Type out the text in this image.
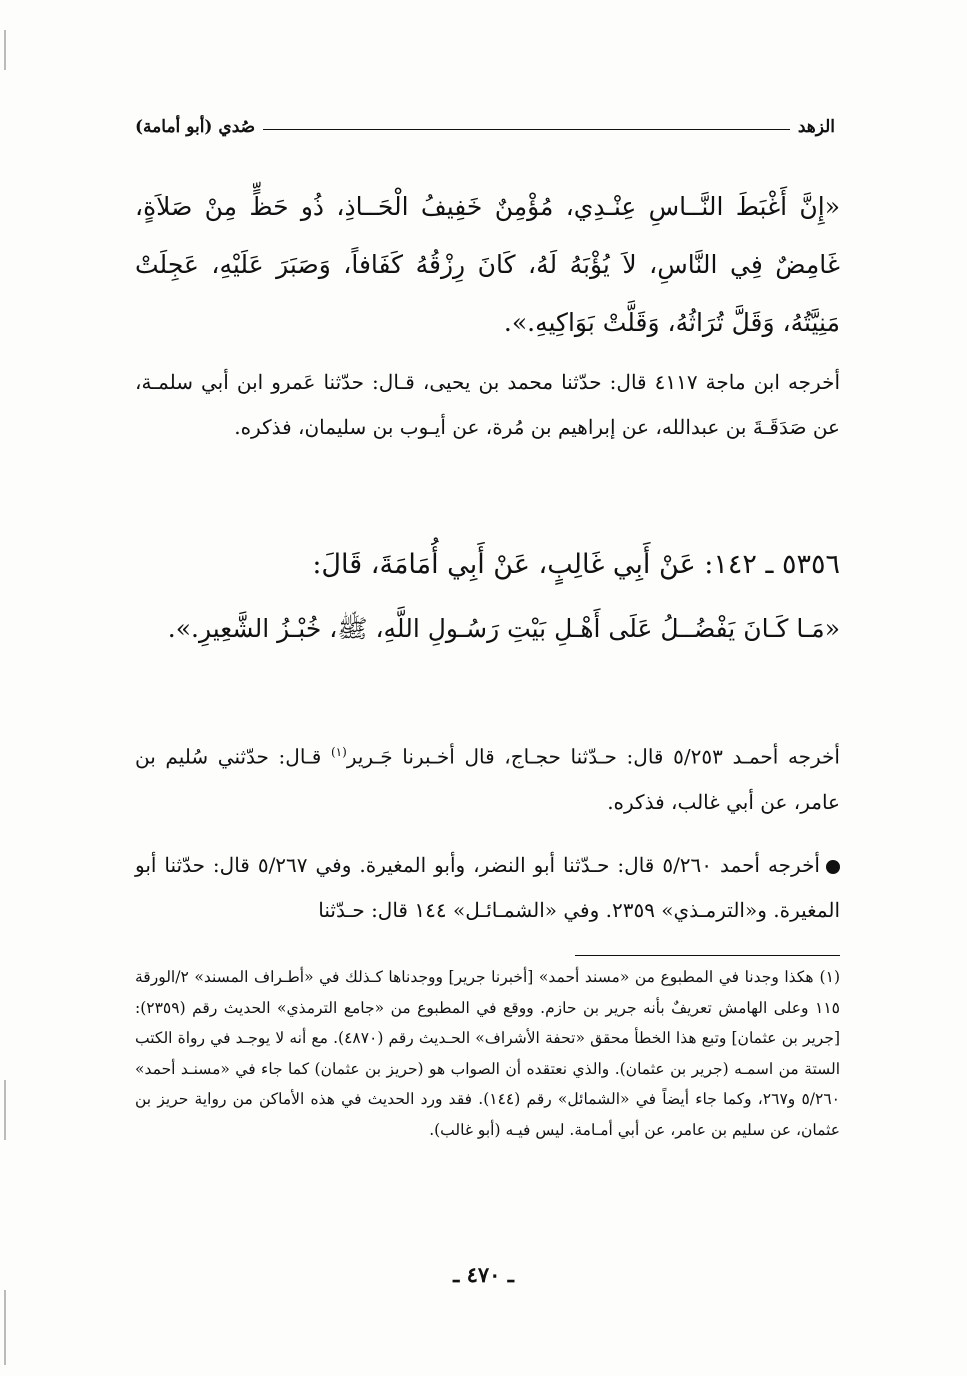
الزهد
صُدي (أبو أمامة)
«إِنَّ أَغْبَطَ النَّــاسِ عِنْـدِي، مُؤْمِنٌ خَفِيفُ الْحَــاذِ، ذُو حَظٍّ مِنْ صَلاَةٍ، غَامِضٌ فِي النَّاسِ، لاَ يُؤْبَهُ لَهُ، كَانَ رِزْقُهُ كَفَافاً، وَصَبَرَ عَلَيْهِ، عَجِلَتْ مَنِيَّتُهُ، وَقَلَّ تُرَاثُهُ، وَقَلَّتْ بَوَاكِيهِ.».
أخرجه ابن ماجة ٤١١٧ قال: حدّثنا محمد بن يحيى، قـال: حدّثنا عَمرو ابن أبي سلمـة، عن صَدَقَـةَ بن عبدالله، عن إبراهيم بن مُرة، عن أيـوب بن سليمان، فذكره.
٥٣٥٦ ـ ١٤٢: عَنْ أَبِي غَالِبٍ، عَنْ أَبِي أُمَامَةَ، قَالَ:
«مَـا كَـانَ يَفْضُــلُ عَلَى أَهْـلِ بَيْتِ رَسُـولِ اللَّهِ، ﷺ، خُبْـزُ الشَّعِيرِ.».
أخرجه أحمـد ٥/٢٥٣ قال: حـدّثنا حجـاج، قال أخـبرنا جَـرير$^{(١)}$ قـال: حدّثني سُليم بن عامر، عن أبي غالب، فذكره.
أخرجه أحمد ٥/٢٦٠ قال: حـدّثنا أبو النضر، وأبو المغيرة. وفي ٥/٢٦٧ قال: حدّثنا أبو المغيرة. و«الترمـذي» ٢٣٥٩. وفي «الشمـائـل» ١٤٤ قال: حـدّثنا
(١)هكذا وجدنا في المطبوع من «مسند أحمد» [أخبرنا جرير] ووجدناها كـذلك في «أطـراف المسند» ٢/الورقة ١١٥ وعلى الهامش تعريفٌ بأنه جرير بن حازم. ووقع في المطبوع من «جامع الترمذي» الحديث رقم (٢٣٥٩): [جرير بن عثمان] وتبع هذا الخطأ محقق «تحفة الأشراف» الحـديث رقم (٤٨٧٠). مع أنه لا يوجـد في رواة الكتب الستة من اسمـه (جرير بن عثمان). والذي نعتقده أن الصواب هو (حريز بن عثمان) كما جاء في «مسنـد أحمد» ٥/٢٦٠ و٢٦٧، وكما جاء أيضاً في «الشمائل» رقم (١٤٤). فقد ورد الحديث في هذه الأماكن من رواية حريز بن عثمان، عن سليم بن عامر، عن أبي أمـامة. ليس فيـه (أبو غالب).
ـ ٤٧٠ ـ
